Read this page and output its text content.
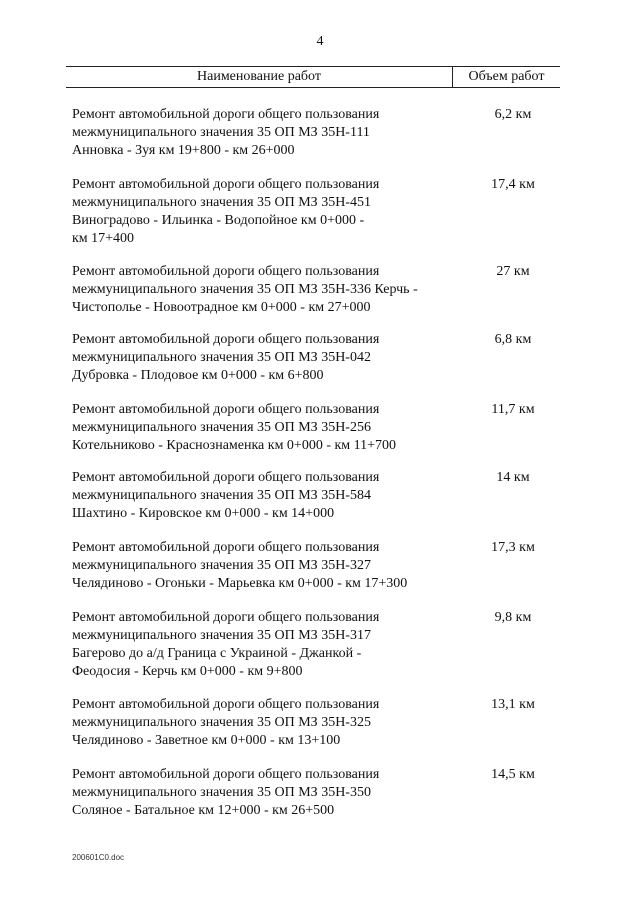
4
Наименование работ	Объем работ
Ремонт автомобильной дороги общего пользования
межмуниципального значения 35 ОП МЗ 35Н-111
Анновка - Зуя км 19+800 - км 26+000
6,2 км
Ремонт автомобильной дороги общего пользования
межмуниципального значения 35 ОП МЗ 35Н-451
Виноградово - Ильинка - Водопойное км 0+000 -
км 17+400
17,4 км
Ремонт автомобильной дороги общего пользования
межмуниципального значения 35 ОП МЗ 35Н-336 Керчь -
Чистополье - Новоотрадное км 0+000 - км 27+000
27 км
Ремонт автомобильной дороги общего пользования
межмуниципального значения 35 ОП МЗ 35Н-042
Дубровка - Плодовое км 0+000 - км 6+800
6,8 км
Ремонт автомобильной дороги общего пользования
межмуниципального значения 35 ОП МЗ 35Н-256
Котельниково - Краснознаменка км 0+000 - км 11+700
11,7 км
Ремонт автомобильной дороги общего пользования
межмуниципального значения 35 ОП МЗ 35Н-584
Шахтино - Кировское км 0+000 - км 14+000
14 км
Ремонт автомобильной дороги общего пользования
межмуниципального значения 35 ОП МЗ 35Н-327
Челядиново - Огоньки - Марьевка км 0+000 - км 17+300
17,3 км
Ремонт автомобильной дороги общего пользования
межмуниципального значения 35 ОП МЗ 35Н-317
Багерово до а/д Граница с Украиной - Джанкой -
Феодосия - Керчь км 0+000 - км 9+800
9,8 км
Ремонт автомобильной дороги общего пользования
межмуниципального значения 35 ОП МЗ 35Н-325
Челядиново - Заветное км 0+000 - км 13+100
13,1 км
Ремонт автомобильной дороги общего пользования
межмуниципального значения 35 ОП МЗ 35Н-350
Соляное - Батальное км 12+000 - км 26+500
14,5 км
200601C0.doc
